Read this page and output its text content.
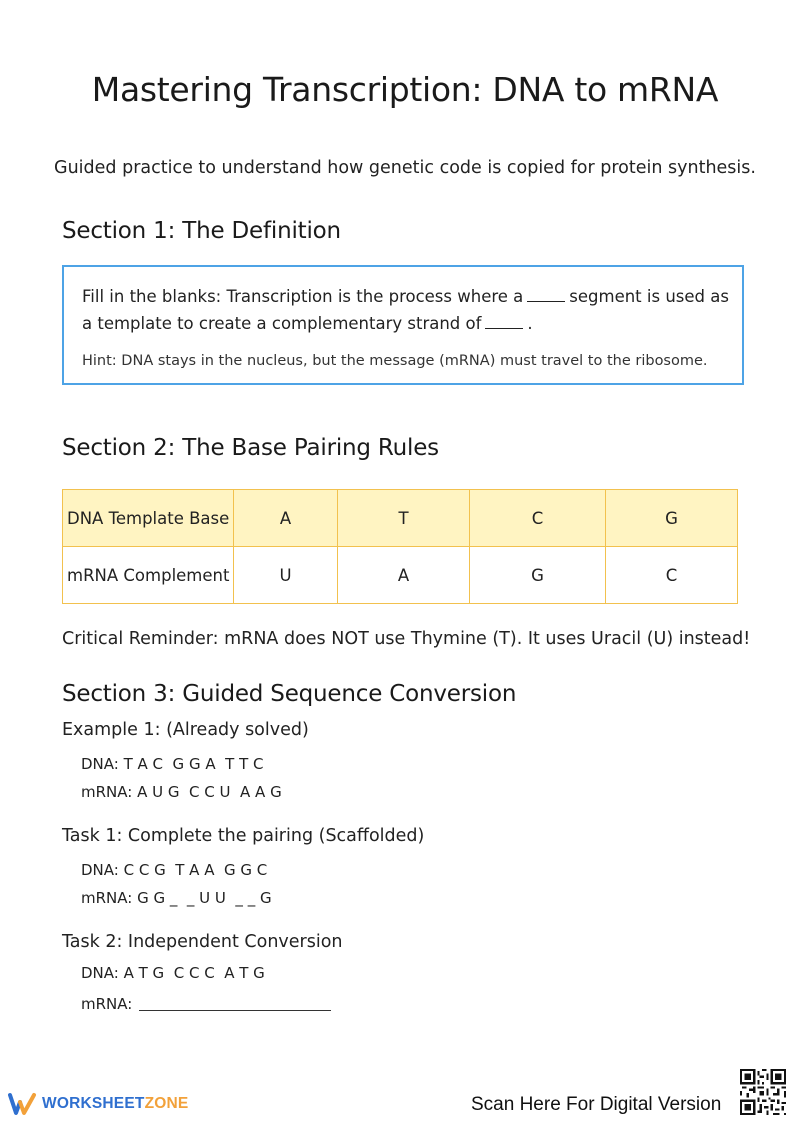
Mastering Transcription: DNA to mRNA
Guided practice to understand how genetic code is copied for protein synthesis.
Section 1: The Definition
Fill in the blanks: Transcription is the process where a	segment is used as a template to create a complementary strand of	.
Hint: DNA stays in the nucleus, but the message (mRNA) must travel to the ribosome.
Section 2: The Base Pairing Rules
DNA Template Base	A	T	C	G
mRNA Complement	U	A	G	C
Critical Reminder: mRNA does NOT use Thymine (T). It uses Uracil (U) instead!
Section 3: Guided Sequence Conversion
Example 1: (Already solved)
DNA: T A C  G G A  T T C
mRNA: A U G  C C U  A A G
Task 1: Complete the pairing (Scaffolded)
DNA: C C G  T A A  G G C
mRNA: G G _  _ U U  _ _ G
Task 2: Independent Conversion
DNA: A T G  C C C  A T G
mRNA:
WORKSHEETZONE	Scan Here For Digital Version
